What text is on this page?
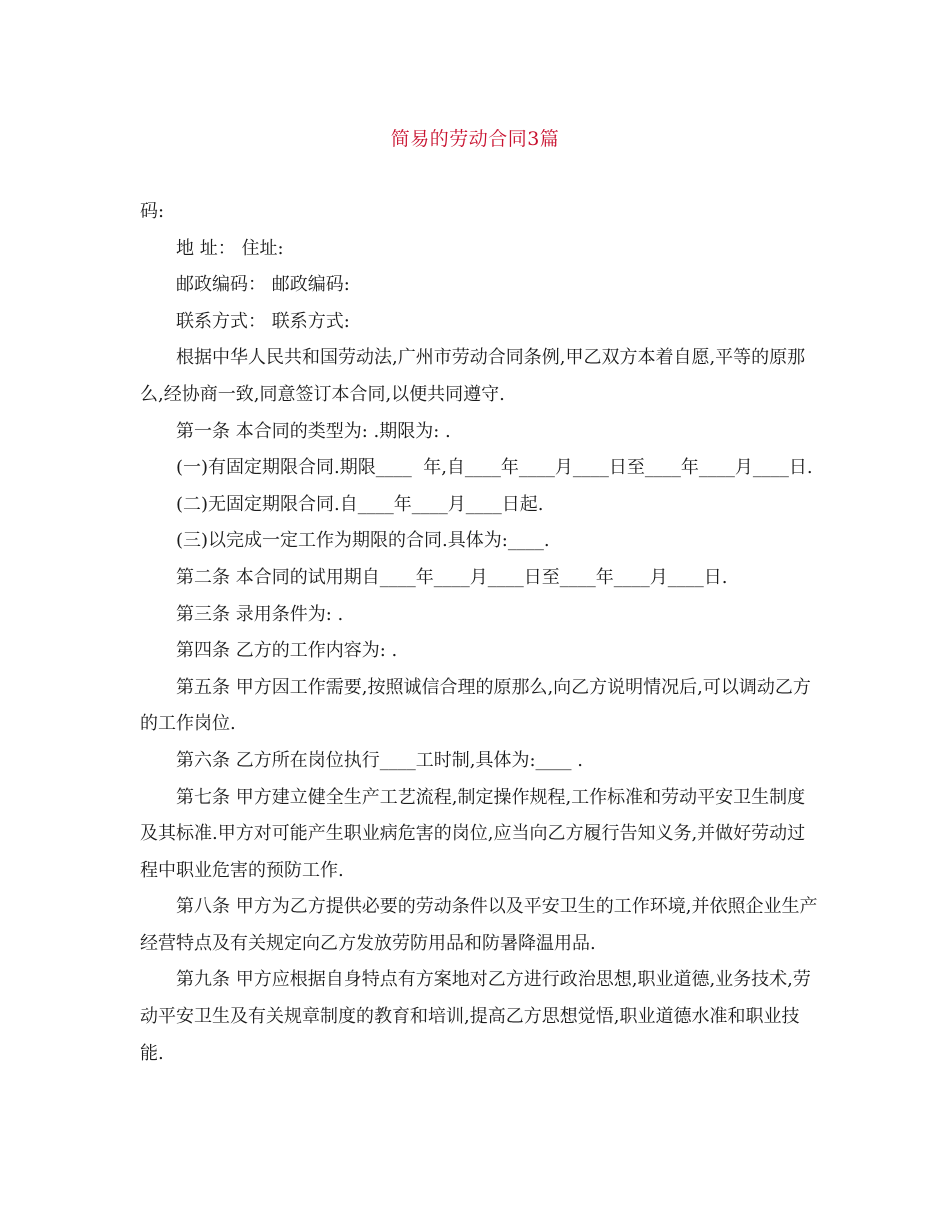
简易的劳动合同3篇

码:

地 址： 住址:

邮政编码： 邮政编码:

联系方式： 联系方式:

根据中华人民共和国劳动法,广州市劳动合同条例,甲乙双方本着自愿,平等的原那么,经协商一致,同意签订本合同,以便共同遵守.

第一条 本合同的类型为: .期限为: .

(一)有固定期限合同.期限____  年,自____年____月____日至____年____月____日.

(二)无固定期限合同.自____年____月____日起.

(三)以完成一定工作为期限的合同.具体为:____.

第二条 本合同的试用期自____年____月____日至____年____月____日.

第三条 录用条件为: .

第四条 乙方的工作内容为: .

第五条 甲方因工作需要,按照诚信合理的原那么,向乙方说明情况后,可以调动乙方的工作岗位.

第六条 乙方所在岗位执行____工时制,具体为:____ .

第七条 甲方建立健全生产工艺流程,制定操作规程,工作标准和劳动平安卫生制度及其标准.甲方对可能产生职业病危害的岗位,应当向乙方履行告知义务,并做好劳动过程中职业危害的预防工作.

第八条 甲方为乙方提供必要的劳动条件以及平安卫生的工作环境,并依照企业生产经营特点及有关规定向乙方发放劳防用品和防暑降温用品.

第九条 甲方应根据自身特点有方案地对乙方进行政治思想,职业道德,业务技术,劳动平安卫生及有关规章制度的教育和培训,提高乙方思想觉悟,职业道德水准和职业技能.
